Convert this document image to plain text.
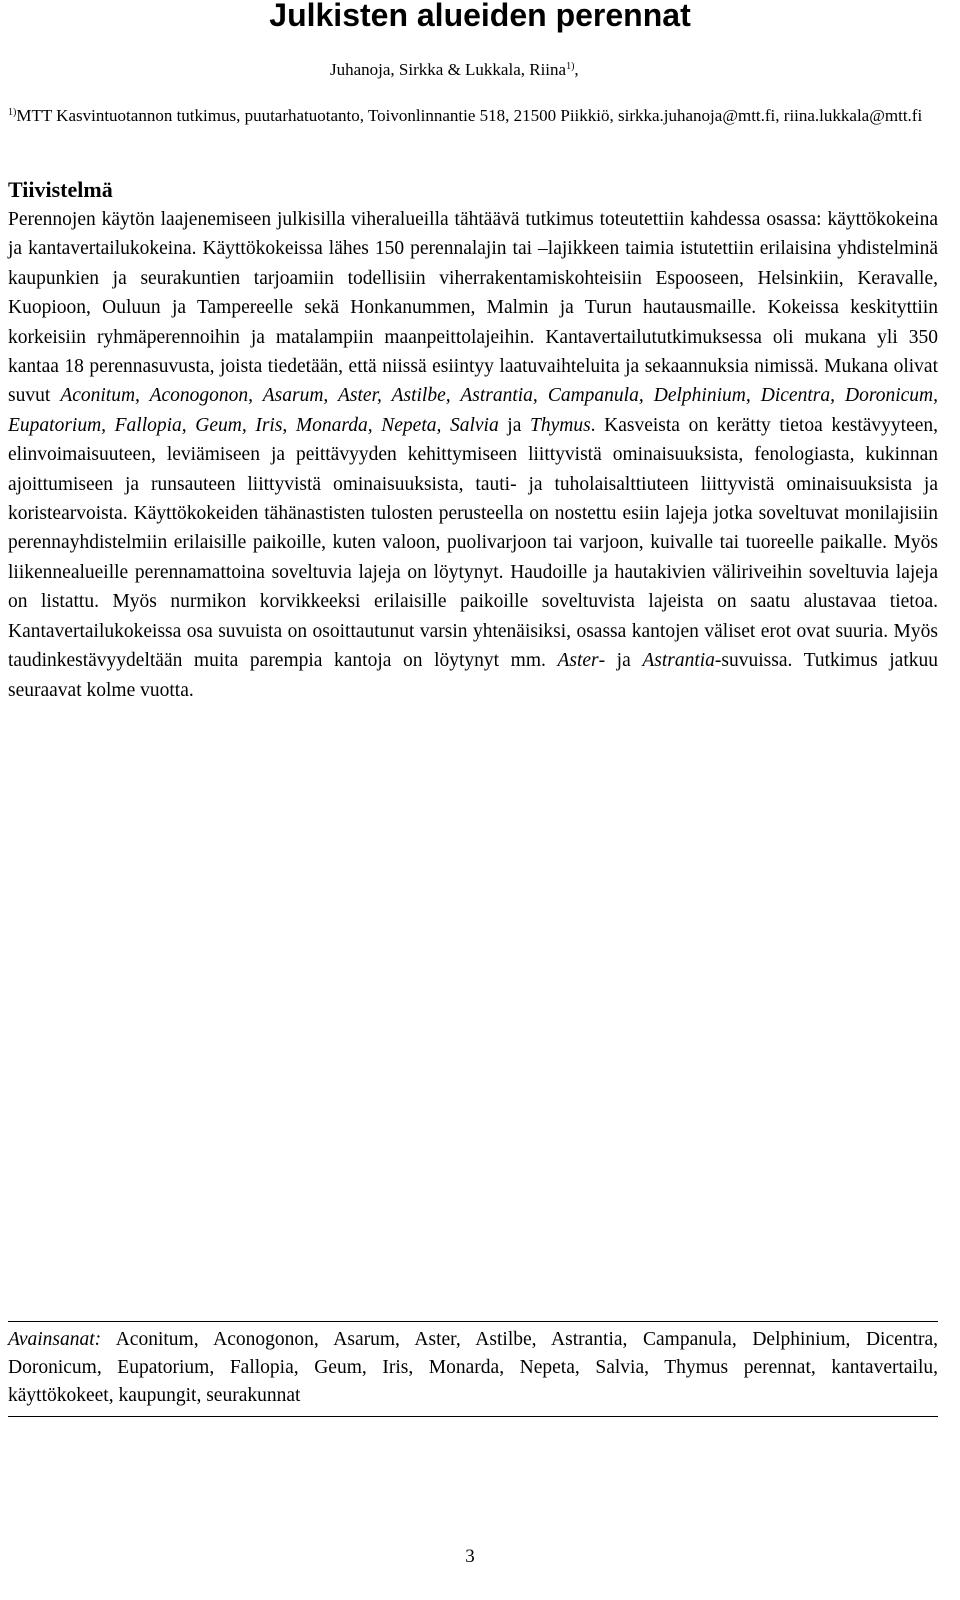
Julkisten alueiden perennat
Juhanoja, Sirkka & Lukkala, Riina$^{1)}$,
$^{1)}$MTT Kasvintuotannon tutkimus, puutarhatuotanto, Toivonlinnantie 518, 21500 Piikkiö, sirkka.juhanoja@mtt.fi, riina.lukkala@mtt.fi
Tiivistelmä

Perennojen käytön laajenemiseen julkisilla viheralueilla tähtäävä tutkimus toteutettiin kahdessa osassa: käyttökokeina ja kantavertailukokeina. Käyttökokeissa lähes 150 perennalajin tai –lajikkeen taimia istutettiin erilaisina yhdistelminä kaupunkien ja seurakuntien tarjoamiin todellisiin viherrakentamiskohteisiin Espooseen, Helsinkiin, Keravalle, Kuopioon, Ouluun ja Tampereelle sekä Honkanummen, Malmin ja Turun hautausmaille. Kokeissa keskityttiin korkeisiin ryhmäperennoihin ja matalampiin maanpeittolajeihin. Kantavertailututkimuksessa oli mukana yli 350 kantaa 18 perennasuvusta, joista tiedetään, että niissä esiintyy laatuvaihteluita ja sekaannuksia nimissä. Mukana olivat suvut Aconitum, Aconogonon, Asarum, Aster, Astilbe, Astrantia, Campanula, Delphinium, Dicentra, Doronicum, Eupatorium, Fallopia, Geum, Iris, Monarda, Nepeta, Salvia ja Thymus. Kasveista on kerätty tietoa kestävyyteen, elinvoimaisuuteen, leviämiseen ja peittävyyden kehittymiseen liittyvistä ominaisuuksista, fenologiasta, kukinnan ajoittumiseen ja runsauteen liittyvistä ominaisuuksista, tauti- ja tuholaisalttiuteen liittyvistä ominaisuuksista ja koristearvoista. Käyttökokeiden tähänastisten tulosten perusteella on nostettu esiin lajeja jotka soveltuvat monilajisiin perennayhdistelmiin erilaisille paikoille, kuten valoon, puolivarjoon tai varjoon, kuivalle tai tuoreelle paikalle. Myös liikennealueille perennamattoina soveltuvia lajeja on löytynyt. Haudoille ja hautakivien väliriveihin soveltuvia lajeja on listattu. Myös nurmikon korvikkeeksi erilaisille paikoille soveltuvista lajeista on saatu alustavaa tietoa. Kantavertailukokeissa osa suvuista on osoittautunut varsin yhtenäisiksi, osassa kantojen väliset erot ovat suuria. Myös taudinkestävyydeltään muita parempia kantoja on löytynyt mm. Aster- ja Astrantia-suvuissa. Tutkimus jatkuu seuraavat kolme vuotta.

Avainsanat: Aconitum, Aconogonon, Asarum, Aster, Astilbe, Astrantia, Campanula, Delphinium, Dicentra, Doronicum, Eupatorium, Fallopia, Geum, Iris, Monarda, Nepeta, Salvia, Thymus perennat, kantavertailu, käyttökokeet, kaupungit, seurakunnat
3
